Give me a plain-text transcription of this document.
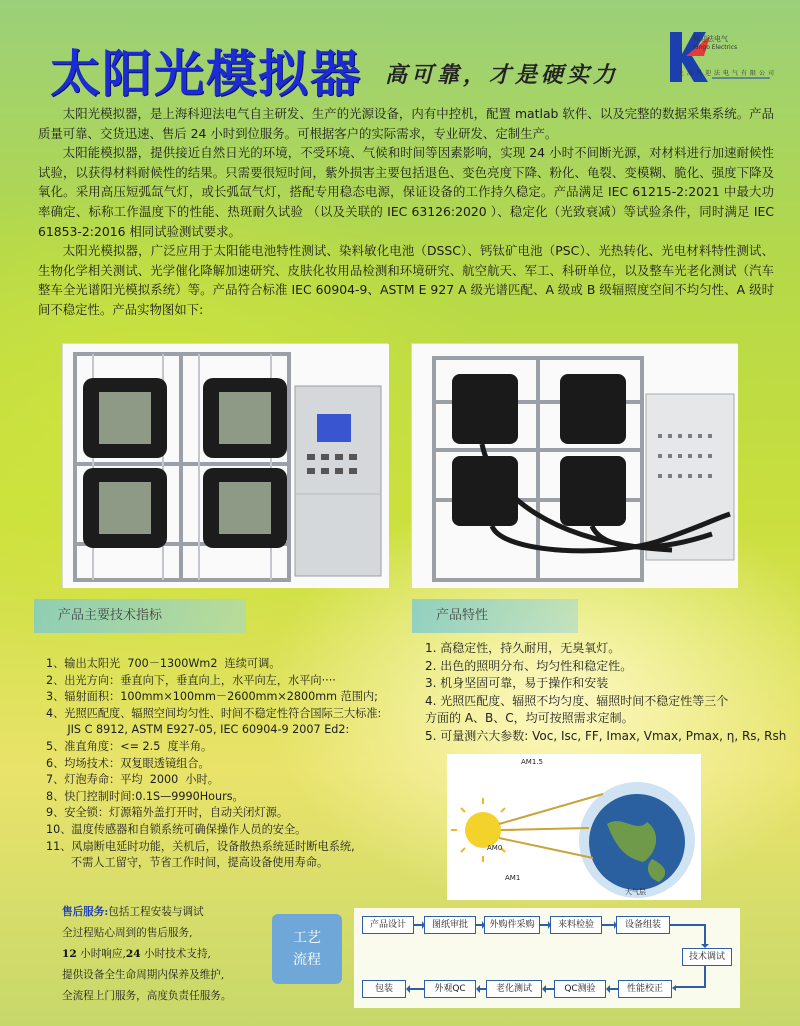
太阳光模拟器 高可靠，才是硬实力
科迎法电气
Kingo Electrics
上海科迎法电气有限公司

太阳光模拟器，是上海科迎法电气自主研发、生产的光源设备，内有中控机，配置 matlab 软件、以及完整的数据采集系统。产品质量可靠、交货迅速、售后 24 小时到位服务。可根据客户的实际需求，专业研发、定制生产。

太阳能模拟器，提供接近自然日光的环境，不受环境、气候和时间等因素影响，实现 24 小时不间断光源，对材料进行加速耐候性试验，以获得材料耐候性的结果。只需要很短时间，紫外损害主要包括退色、变色亮度下降、粉化、龟裂、变模糊、脆化、强度下降及氧化。采用高压短弧氙气灯，或长弧氙气灯，搭配专用稳态电源，保证设备的工作持久稳定。产品满足 IEC 61215-2:2021 中最大功率确定、标称工作温度下的性能、热斑耐久试验 （以及关联的 IEC 63126:2020 ）、稳定化（光致衰减）等试验条件，同时满足 IEC 61853-2:2016 相同试验测试要求。

太阳光模拟器，广泛应用于太阳能电池特性测试、染料敏化电池（DSSC）、钙钛矿电池（PSC）、光热转化、光电材料特性测试、生物化学相关测试、光学催化降解加速研究、皮肤化妆用品检测和环境研究、航空航天、军工、科研单位，以及整车光老化测试（汽车整车全光谱阳光模拟系统）等。产品符合标准 IEC 60904-9、ASTM E 927 A 级光谱匹配、A 级或 B 级辐照度空间不均匀性、A 级时间不稳定性。产品实物图如下:

产品主要技术指标	产品特性
1、输出太阳光  700－1300Wm2  连续可调。
2、出光方向：垂直向下，垂直向上，水平向左，水平向····
3、辐射面积：100mm×100mm－2600mm×2800mm 范围内;
4、光照匹配度、辐照空间均匀性、时间不稳定性符合国际三大标准:
JIS C 8912, ASTM E927-05, IEC 60904-9 2007 Ed2:
5、准直角度：<= 2.5  度半角。
6、均场技术：双复眼透镜组合。
7、灯泡寿命：平均  2000  小时。
8、快门控制时间:0.1S—9990Hours。
9、安全锁：灯源箱外盖打开时，自动关闭灯源。
10、温度传感器和自锁系统可确保操作人员的安全。
11、风扇断电延时功能，关机后，设备散热系统延时断电系统,
不需人工留守，节省工作时间，提高设备使用寿命。
1. 高稳定性，持久耐用，无臭氧灯。
2. 出色的照明分布、均匀性和稳定性。
3. 机身坚固可靠，易于操作和安装
4. 光照匹配度、辐照不均匀度、辐照时间不稳定性等三个
方面的 A、B、C，均可按照需求定制。
5. 可量测六大参数: Voc, Isc, FF, Imax, Vmax, Pmax, η, Rs, Rsh
AM1.5
AM0
AM1
大气层
售后服务:包括工程安装与调试
全过程贴心周到的售后服务,
12 小时响应,24 小时技术支持,
提供设备全生命周期内保养及维护,
全流程上门服务，高度负责任服务。
工艺
流程
产品设计	图纸审批	外购件采购	来料检验	设备组装
技术调试
包装	外观QC	老化测试	QC测验	性能校正
